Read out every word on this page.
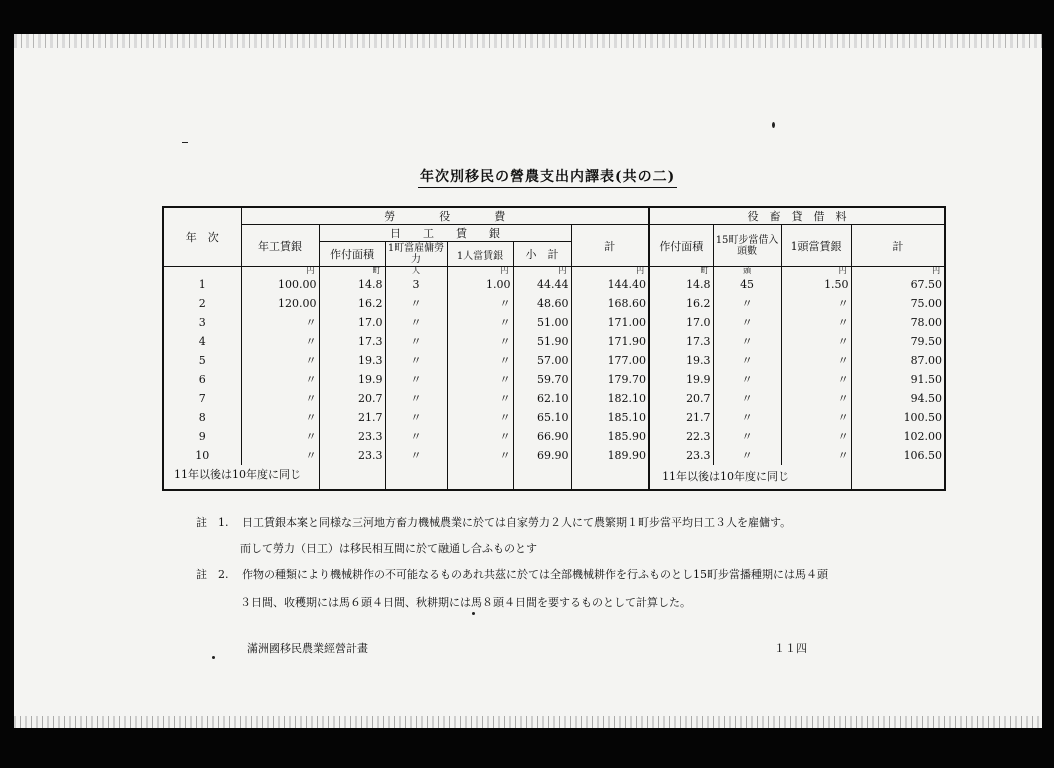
年次別移民の營農支出内譯表(共の二)
年　次	勞　　　　役　　　　費						役　畜　貸　借　料			
	年工賃銀	日　　工　　賃　　銀				計	作付面積	15町步當借入頭數	1頭當賃銀	計
		作付面積	1町當雇傭勞　力	1人當賃銀	小　計					
	円	町	人	円	円	円	町	頭	円	円
1	100.00	14.8	3	1.00	44.44	144.40	14.8	45	1.50	67.50
2	120.00	16.2	〃	〃	48.60	168.60	16.2	〃	〃	75.00
3	〃	17.0	〃	〃	51.00	171.00	17.0	〃	〃	78.00
4	〃	17.3	〃	〃	51.90	171.90	17.3	〃	〃	79.50
5	〃	19.3	〃	〃	57.00	177.00	19.3	〃	〃	87.00
6	〃	19.9	〃	〃	59.70	179.70	19.9	〃	〃	91.50
7	〃	20.7	〃	〃	62.10	182.10	20.7	〃	〃	94.50
8	〃	21.7	〃	〃	65.10	185.10	21.7	〃	〃	100.50
9	〃	23.3	〃	〃	66.90	185.90	22.3	〃	〃	102.00
10	〃	23.3	〃	〃	69.90	189.90	23.3	〃	〃	106.50
11年以後は10年度に同じ							11年以後は10年度に同じ			
註　1. 日工賃銀本案と同様な三河地方畜力機械農業に於ては自家勞力２人にて農繁期１町步當平均日工３人を雇傭す。
而して勞力（日工）は移民相互間に於て融通し合ふものとす
註　2. 作物の種類により機械耕作の不可能なるものあれ共茲に於ては全部機械耕作を行ふものとし15町步當播種期には馬４頭
３日間、收穫期には馬６頭４日間、秋耕期には馬８頭４日間を要するものとして計算した。
滿洲國移民農業經營計畫	１１四
